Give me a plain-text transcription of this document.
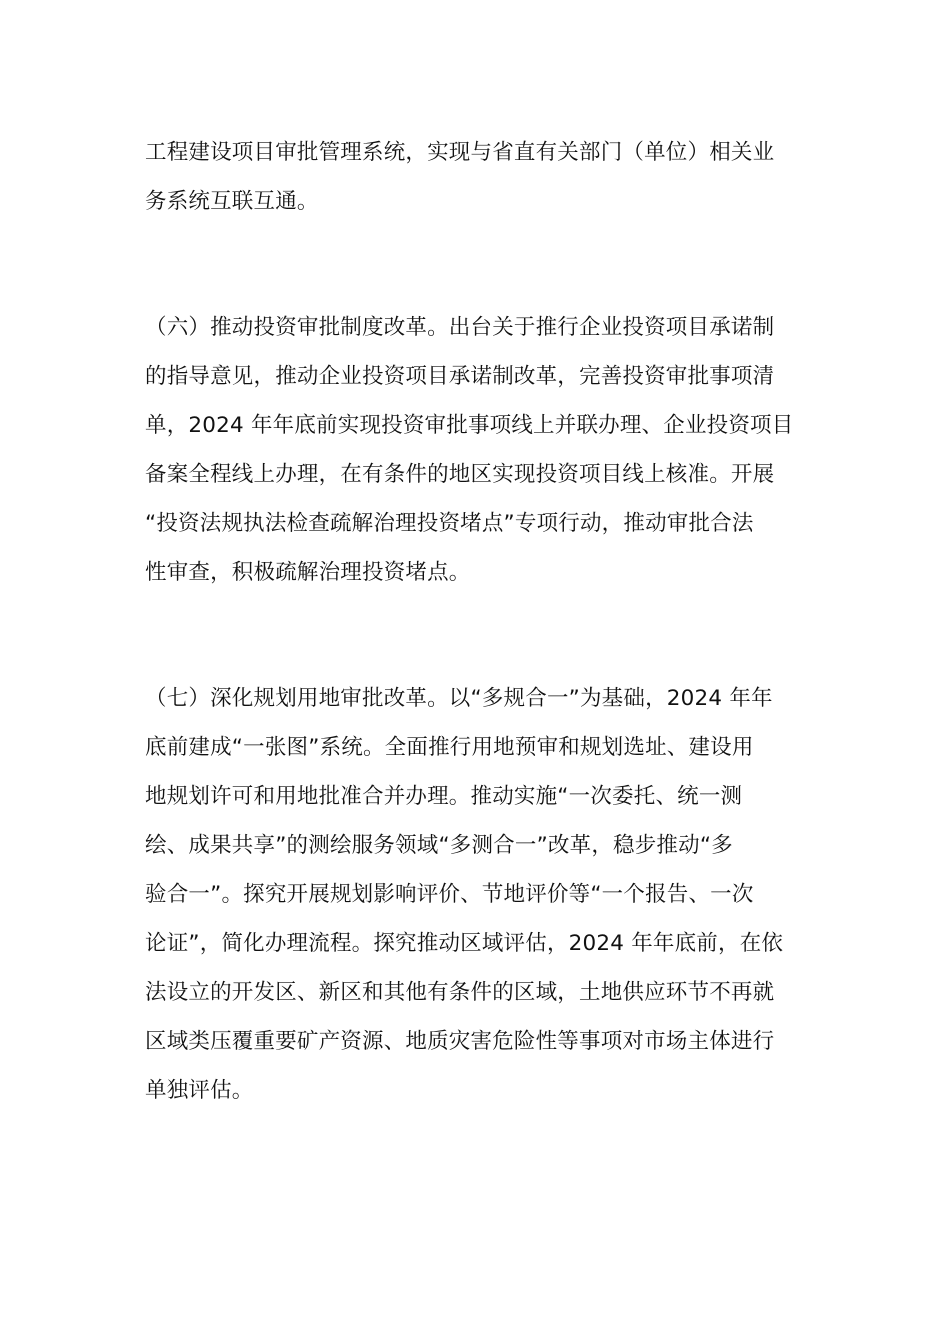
工程建设项目审批管理系统，实现与省直有关部门（单位）相关业
务系统互联互通。
（六）推动投资审批制度改革。出台关于推行企业投资项目承诺制
的指导意见，推动企业投资项目承诺制改革，完善投资审批事项清
单，2024 年年底前实现投资审批事项线上并联办理、企业投资项目
备案全程线上办理，在有条件的地区实现投资项目线上核准。开展
“投资法规执法检查疏解治理投资堵点”专项行动，推动审批合法
性审查，积极疏解治理投资堵点。
（七）深化规划用地审批改革。以“多规合一”为基础，2024 年年
底前建成“一张图”系统。全面推行用地预审和规划选址、建设用
地规划许可和用地批准合并办理。推动实施“一次委托、统一测
绘、成果共享”的测绘服务领域“多测合一”改革，稳步推动“多
验合一”。探究开展规划影响评价、节地评价等“一个报告、一次
论证”，简化办理流程。探究推动区域评估，2024 年年底前，在依
法设立的开发区、新区和其他有条件的区域，土地供应环节不再就
区域类压覆重要矿产资源、地质灾害危险性等事项对市场主体进行
单独评估。
